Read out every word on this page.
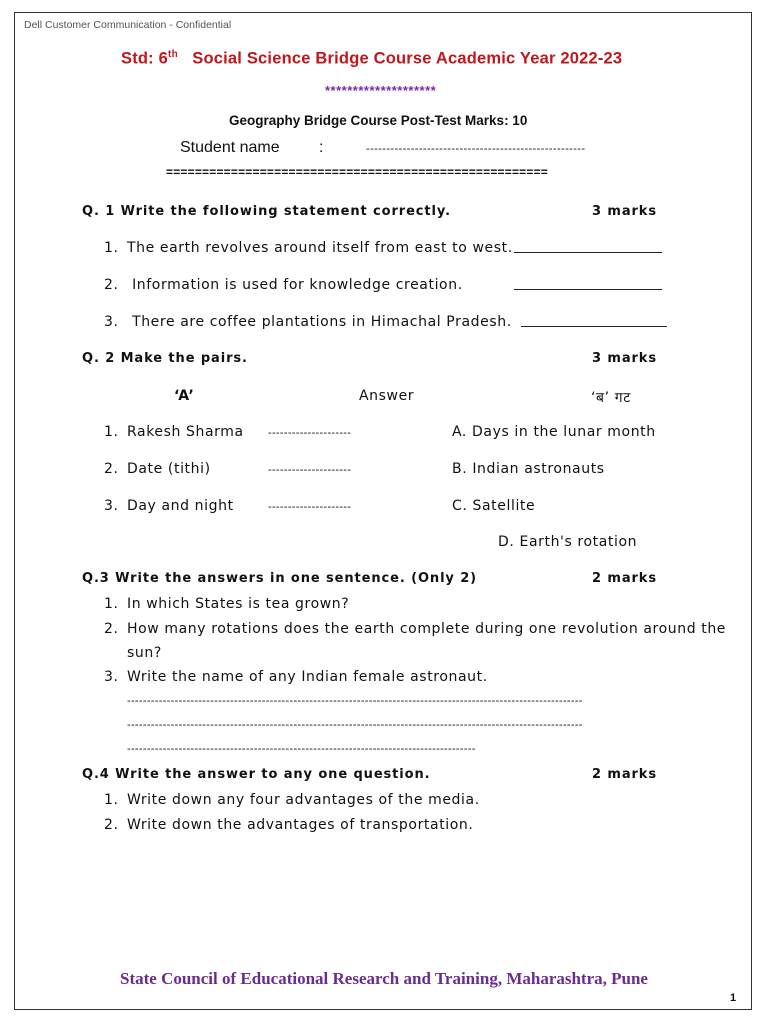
Dell Customer Communication - Confidential
Std: 6th Social Science Bridge Course Academic Year 2022-23
********************
Geography Bridge Course Post-Test Marks: 10
Student name :	------------------------------------------------------
=====================================================
Q. 1 Write the following statement correctly.	3 marks
1. The earth revolves around itself from east to west.
2. Information is used for knowledge creation.
3. There are coffee plantations in Himachal Pradesh.
Q. 2 Make the pairs.	3 marks
‘A’	Answer	‘ब’ गट
1. Rakesh Sharma ---------------------	A. Days in the lunar month
2. Date (tithi)	---------------------	B. Indian astronauts
3. Day and night	---------------------	C. Satellite
D. Earth's rotation
Q.3 Write the answers in one sentence. (Only 2)	2 marks
1. In which States is tea grown?
2. How many rotations does the earth complete during one revolution around the
sun?
3. Write the name of any Indian female astronaut.
-------------------------------------------------------------------------------------------------------------------
-------------------------------------------------------------------------------------------------------------------
----------------------------------------------------------------------------------------
Q.4 Write the answer to any one question.	2 marks
1. Write down any four advantages of the media.
2. Write down the advantages of transportation.
State Council of Educational Research and Training, Maharashtra, Pune
1
